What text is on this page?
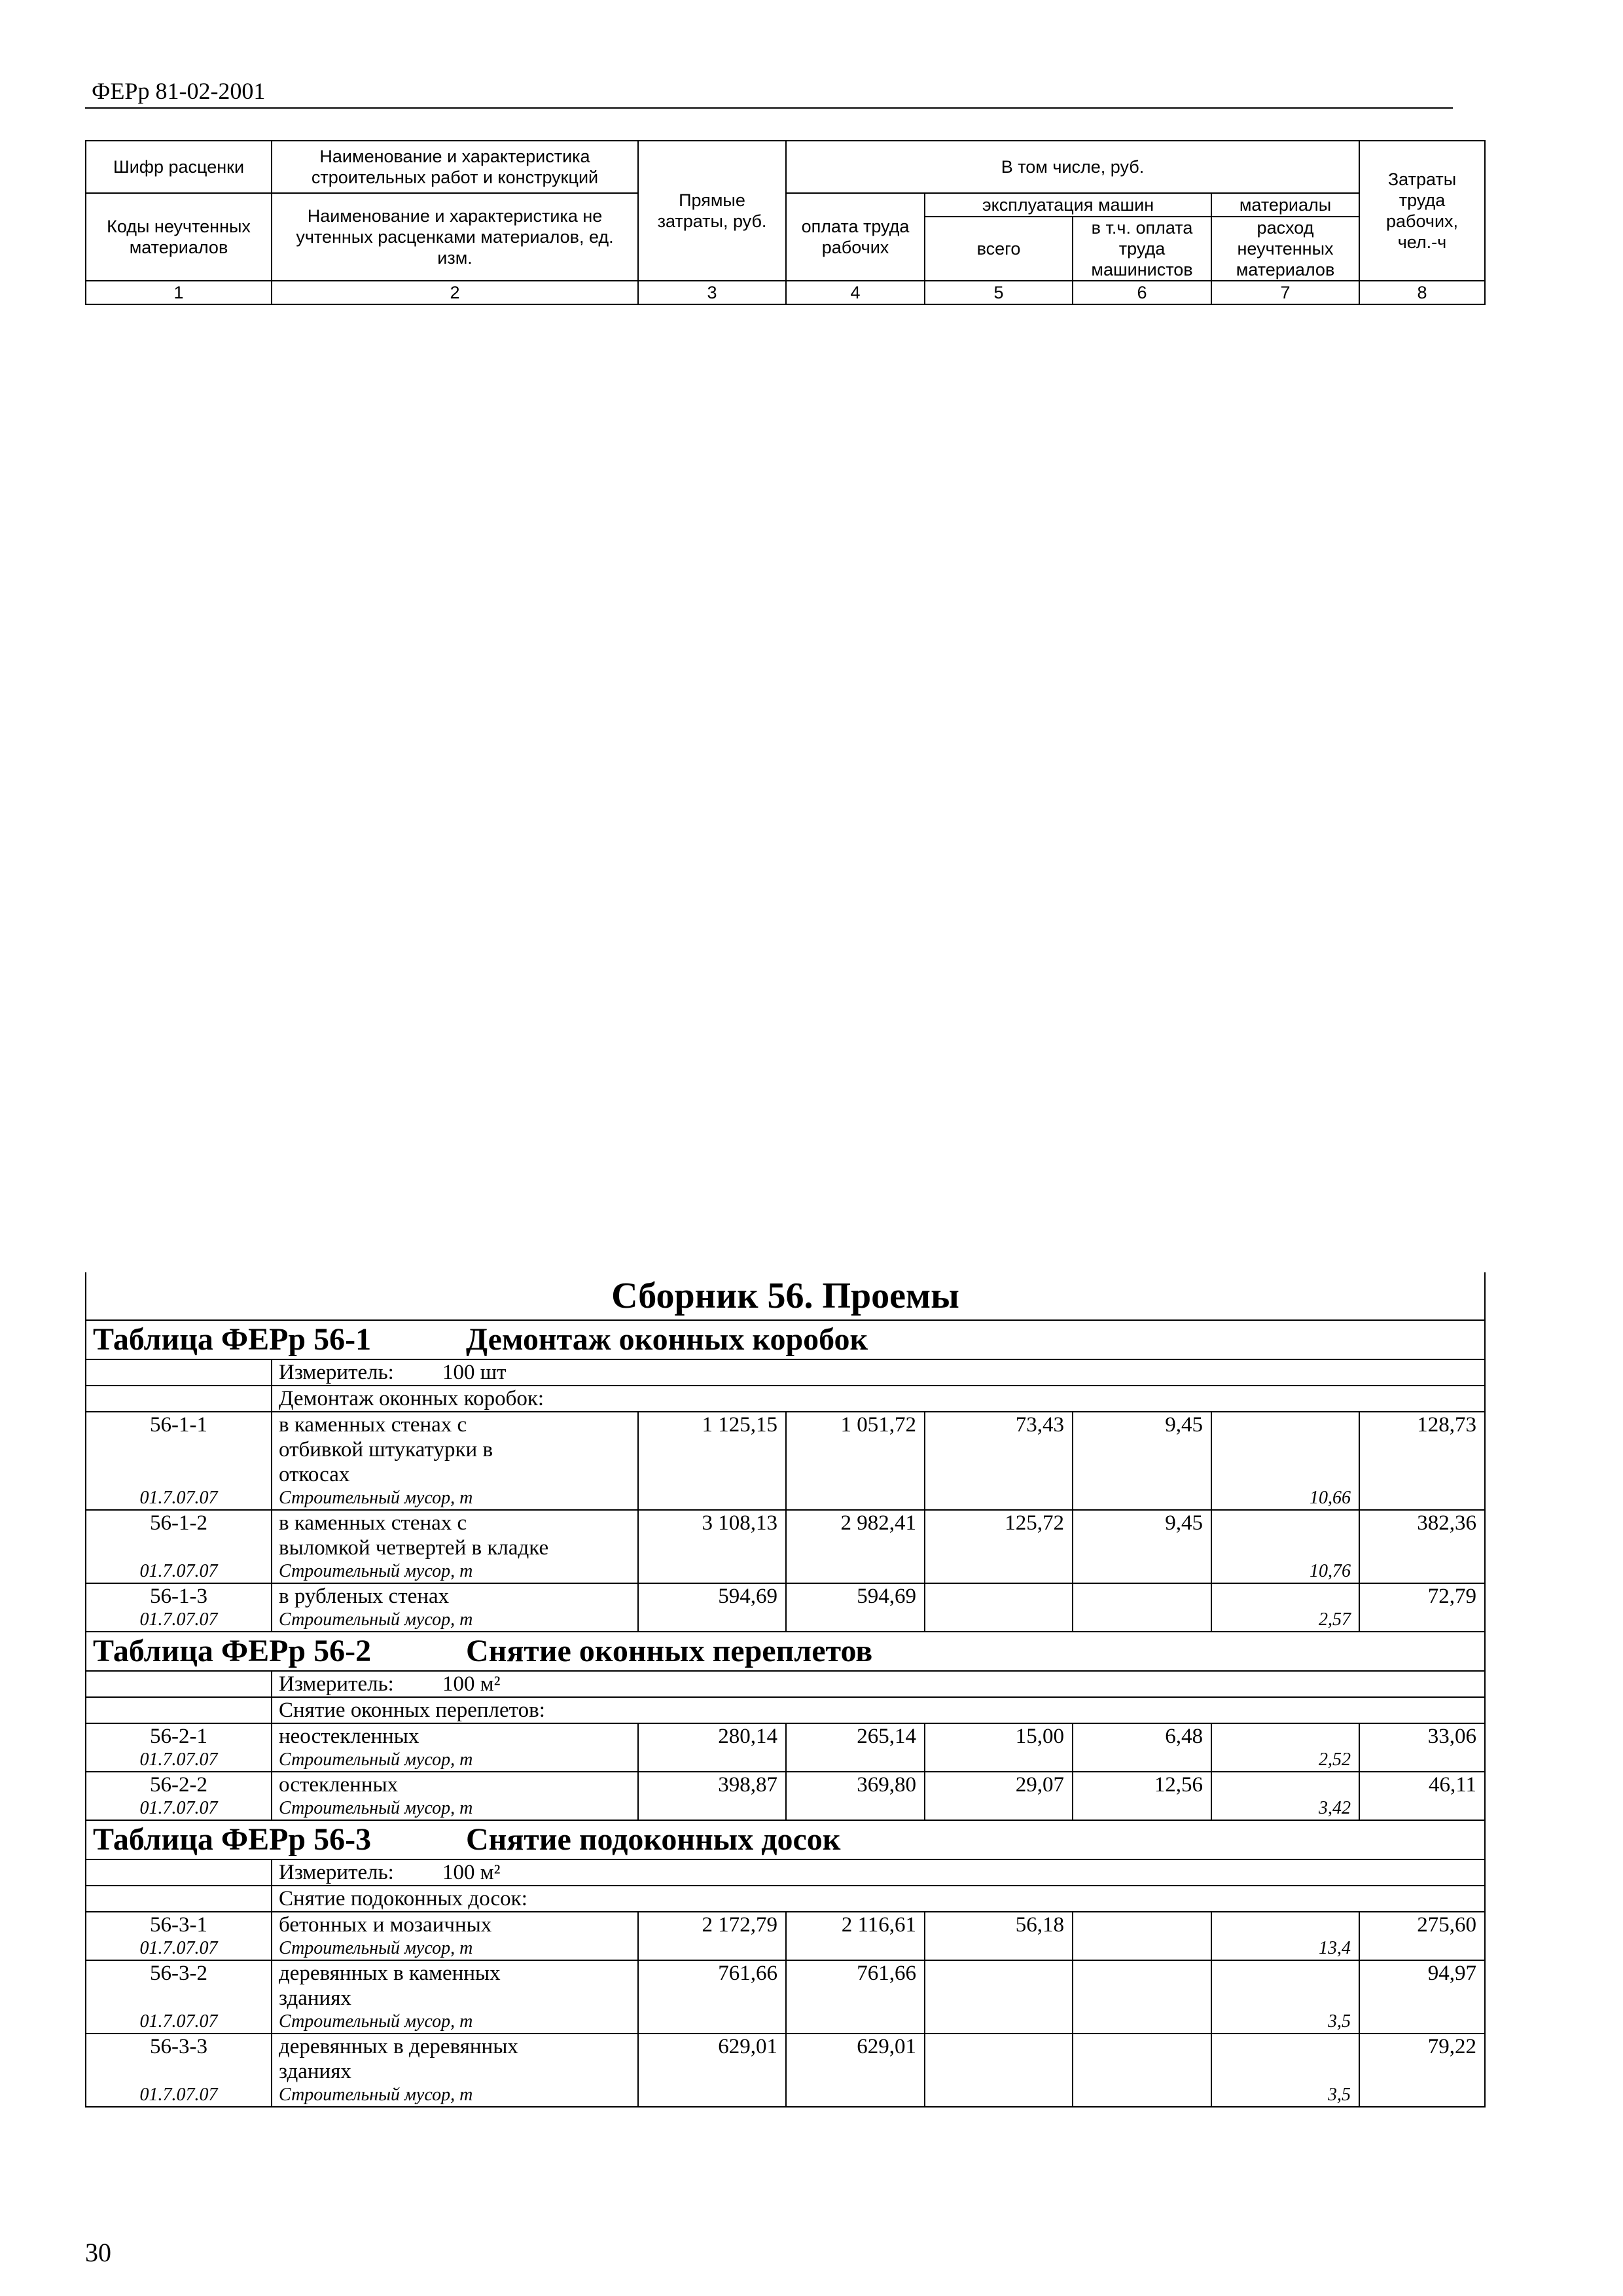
ФЕРр 81-02-2001
Шифр расценки	Наименование и характеристика строительных работ и конструкций	Прямые затраты, руб.	В том числе, руб.				Затраты труда рабочих, чел.-ч
Коды неучтенных материалов	Наименование и характеристика не учтенных расценками материалов, ед. изм.		оплата труда рабочих	эксплуатация машин		материалы	
				всего	в т.ч. оплата труда машинистов	расход неучтенных материалов	

1	2	3	4	5	6	7	8
Сборник 56. Проемы							
Таблица ФЕРр 56-1 Демонтаж оконных коробок							
	Измеритель: 100 шт						
	Демонтаж оконных коробок:						
56-1-1	в каменных стенах с	1 125,15	1 051,72	73,43	9,45		128,73
	отбивкой штукатурки в						
	откосах						
01.7.07.07	Строительный мусор, т					10,66	
56-1-2	в каменных стенах с	3 108,13	2 982,41	125,72	9,45		382,36
	выломкой четвертей в кладке						
01.7.07.07	Строительный мусор, т					10,76	
56-1-3	в рубленых стенах	594,69	594,69				72,79
01.7.07.07	Строительный мусор, т					2,57	
Таблица ФЕРр 56-2 Снятие оконных переплетов							
	Измеритель: 100 м²						
	Снятие оконных переплетов:						
56-2-1	неостекленных	280,14	265,14	15,00	6,48		33,06
01.7.07.07	Строительный мусор, т					2,52	
56-2-2	остекленных	398,87	369,80	29,07	12,56		46,11
01.7.07.07	Строительный мусор, т					3,42	
Таблица ФЕРр 56-3 Снятие подоконных досок							
	Измеритель: 100 м²						
	Снятие подоконных досок:						
56-3-1	бетонных и мозаичных	2 172,79	2 116,61	56,18			275,60
01.7.07.07	Строительный мусор, т					13,4	
56-3-2	деревянных в каменных	761,66	761,66				94,97
	зданиях						
01.7.07.07	Строительный мусор, т					3,5	
56-3-3	деревянных в деревянных	629,01	629,01				79,22
	зданиях						
01.7.07.07	Строительный мусор, т					3,5	
30
